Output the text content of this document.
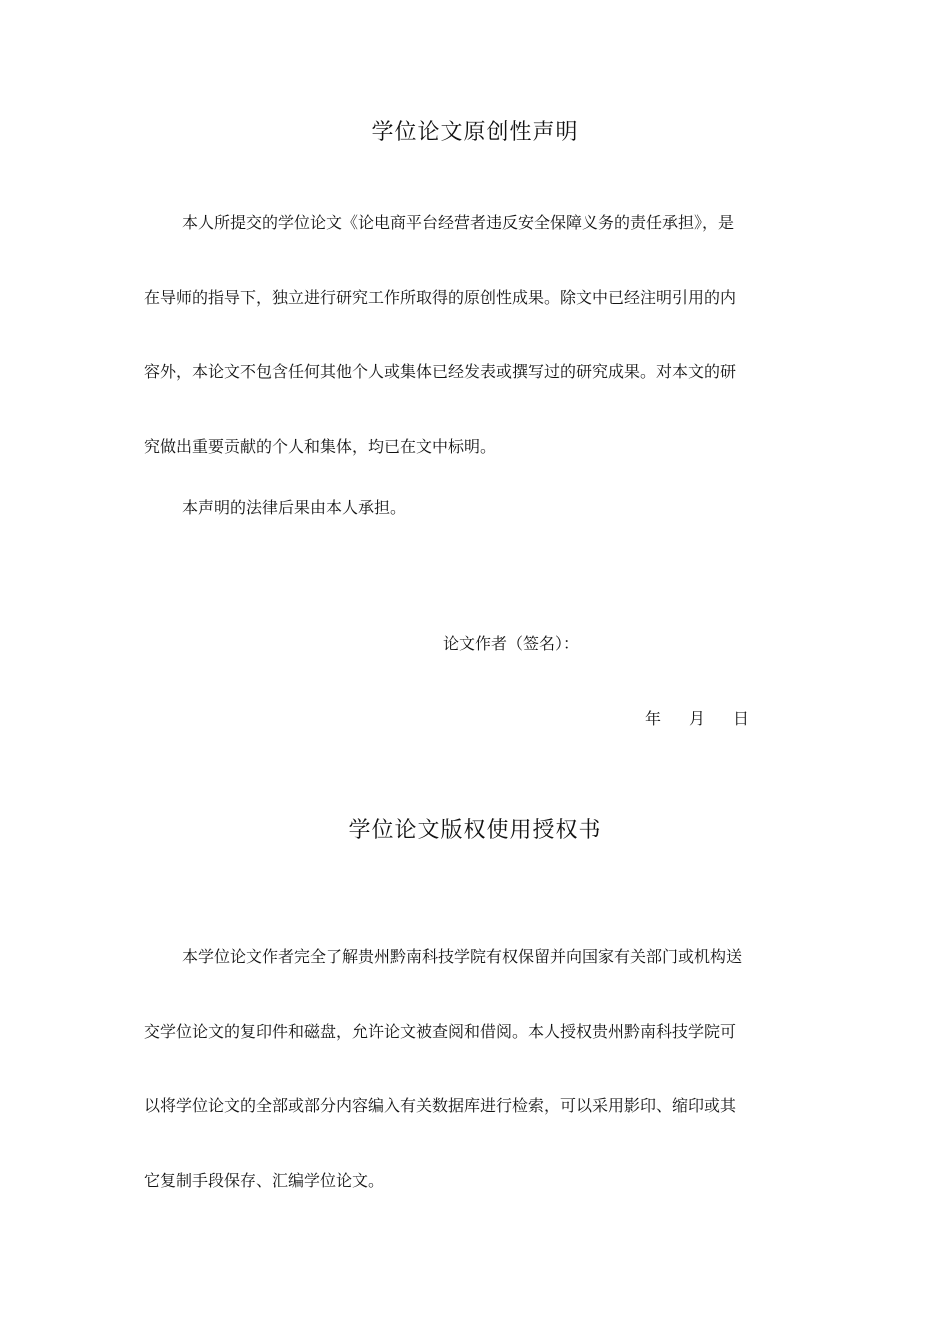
学位论文原创性声明

本人所提交的学位论文《论电商平台经营者违反安全保障义务的责任承担》，是

在导师的指导下，独立进行研究工作所取得的原创性成果。除文中已经注明引用的内

容外，本论文不包含任何其他个人或集体已经发表或撰写过的研究成果。对本文的研

究做出重要贡献的个人和集体，均已在文中标明。

本声明的法律后果由本人承担。

论文作者（签名）：
年 月 日
学位论文版权使用授权书

本学位论文作者完全了解贵州黔南科技学院有权保留并向国家有关部门或机构送

交学位论文的复印件和磁盘，允许论文被查阅和借阅。本人授权贵州黔南科技学院可

以将学位论文的全部或部分内容编入有关数据库进行检索，可以采用影印、缩印或其

它复制手段保存、汇编学位论文。
